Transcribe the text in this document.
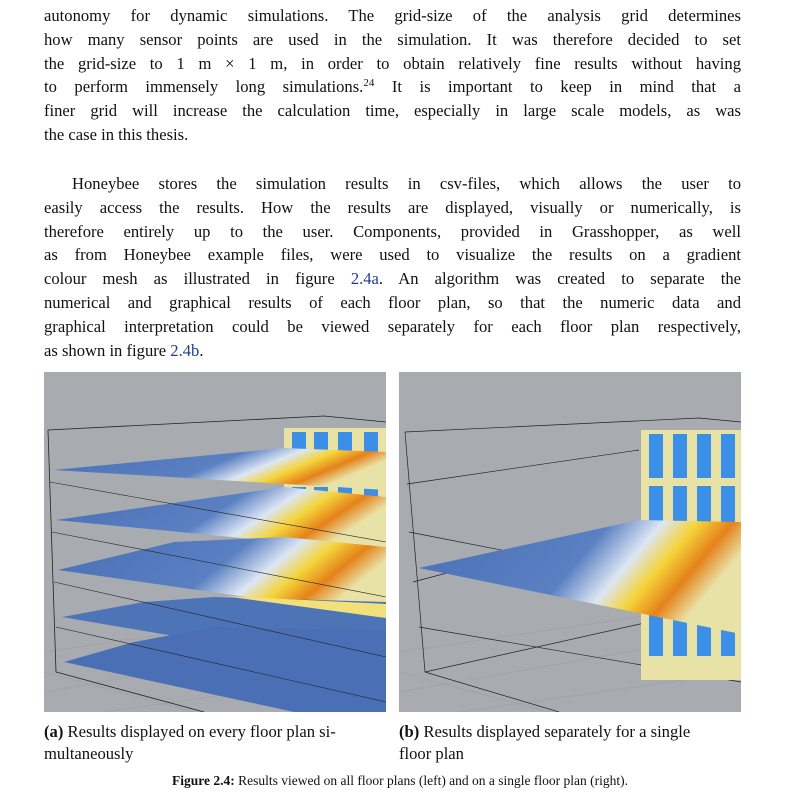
autonomy for dynamic simulations. The grid-size of the analysis grid determines
how many sensor points are used in the simulation. It was therefore decided to set
the grid-size to 1 m × 1 m, in order to obtain relatively fine results without having
to perform immensely long simulations.$^{24}$ It is important to keep in mind that a
finer grid will increase the calculation time, especially in large scale models, as was
the case in this thesis.
Honeybee stores the simulation results in csv-files, which allows the user to
easily access the results. How the results are displayed, visually or numerically, is
therefore entirely up to the user. Components, provided in Grasshopper, as well
as from Honeybee example files, were used to visualize the results on a gradient
colour mesh as illustrated in figure 2.4a. An algorithm was created to separate the
numerical and graphical results of each floor plan, so that the numeric data and
graphical interpretation could be viewed separately for each floor plan respectively,
as shown in figure 2.4b.
(a) Results displayed on every floor plan si-
multaneously
(b) Results displayed separately for a single
floor plan
Figure 2.4: Results viewed on all floor plans (left) and on a single floor plan (right).
